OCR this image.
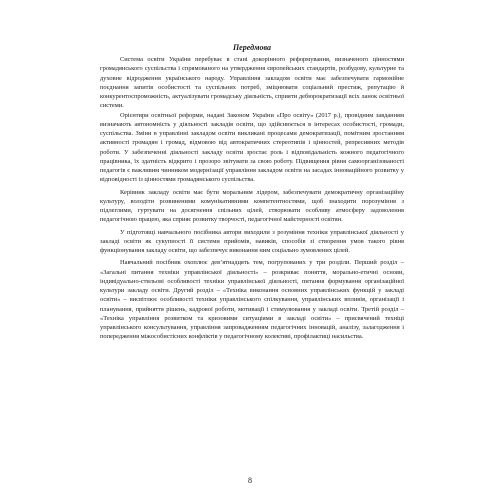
Передмова

Система освіти України перебуває в стані докорінного реформування, визначеного цінностями громадянського суспільства і спрямованого на утвердження європейських стандартів, розбудову, культурне та духовне відродження українського народу. Управління закладом освіти має забезпечувати гармонійне поєднання запитів особистості та суспільних потреб, зміцнювати соціальний престиж, репутацію й конкурентоспроможність, актуалізувати громадську діяльність, сприяти дебюрократизації всіх ланок освітньої системи.

Орієнтири освітньої реформи, надані Законом України «Про освіту» (2017 р.), провідним завданням визначають автономність у діяльності закладів освіти, що здійснюється в інтересах особистості, громади, суспільства. Зміни в управлінні закладом освіти викликані процесами демократизації, помітним зростанням активності громадян і громад, відмовою від автократичних стереотипів і цінностей, репресивних методів роботи. У забезпеченні діяльності закладу освіти зростає роль і відповідальність кожного педагогічного працівника, їх здатність відкрито і прозоро звітувати за свою роботу. Підвищення рівня самоорганізованості педагогів є важливим чинником модернізації управління закладом освіти на засадах інноваційного розвитку у відповідності із цінностями громадянського суспільства.

Керівник закладу освіти має бути моральним лідером, забезпечувати демократичну організаційну культуру, володіти розвиненими комунікативними компетентностями, щоб знаходити порозуміння з підлеглими, гуртувати на досягнення спільних цілей, створювати особливу атмосферу задоволення педагогічною працею, яка сприяє розвитку творчості, педагогічної майстерності освітян.

У підготовці навчального посібника автори виходили з розуміння техніки управлінської діяльності у закладі освіти як сукупності її системи прийомів, навиків, способів зі створення умов такого рівня функціонування закладу освіти, що забезпечує виконання ним соціально зумовлених цілей.

Навчальний посібник охоплює дев’ятнадцять тем, погрупованих у три розділи. Перший розділ – «Загальні питання техніки управлінської діяльності» – розкриває поняття, морально-етичні основи, індивідуально-стильові особливості техніки управлінської діяльності, питання формування організаційної культури закладу освіти. Другий розділ – «Техніка виконання основних управлінських функцій у закладі освіти» – висвітлює особливості техніки управлінського спілкування, управлінських впливів, організації і планування, прийняття рішень, кадрової роботи, мотивації і стимулювання у закладі освіти. Третій розділ – «Техніка управління розвитком та кризовими ситуаціями в закладі освіти» – присвячений техніці управлінського консультування, управління запровадженням педагогічних інновацій, аналізу, залагодження і попередження міжособистісних конфліктів у педагогічному колективі, профілактиці насильства.

8
